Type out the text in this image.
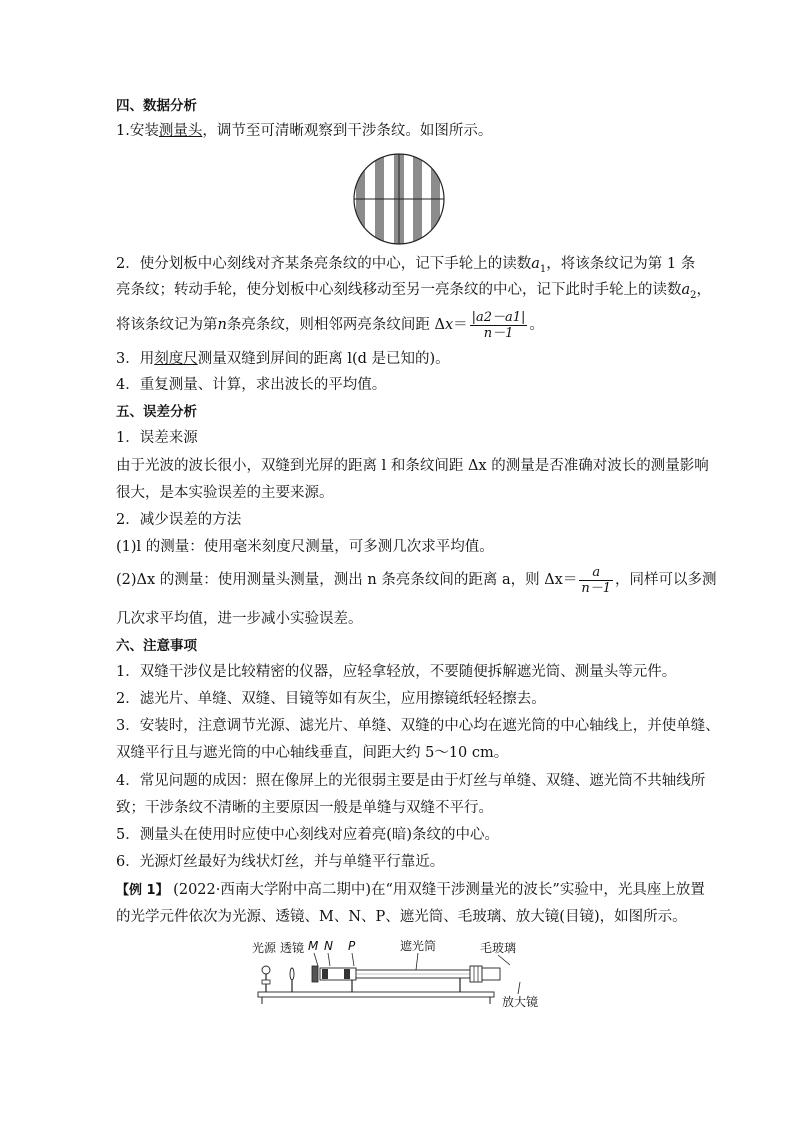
四、数据分析
1.安装测量头，调节至可清晰观察到干涉条纹。如图所示。
2．使分划板中心刻线对齐某条亮条纹的中心，记下手轮上的读数$a_1$，将该条纹记为第 1 条
亮条纹；转动手轮，使分划板中心刻线移动至另一亮条纹的中心，记下此时手轮上的读数$a_2$，
将该条纹记为第n条亮条纹，则相邻两亮条纹间距 $\Delta x= \frac{|a2-a1|}{n-1}$ 。
3．用刻度尺测量双缝到屏间的距离 l(d 是已知的)。
4．重复测量、计算，求出波长的平均值。
五、误差分析
1．误差来源
由于光波的波长很小，双缝到光屏的距离 l 和条纹间距 Δx 的测量是否准确对波长的测量影响
很大，是本实验误差的主要来源。
2．减少误差的方法
(1)l 的测量：使用毫米刻度尺测量，可多测几次求平均值。
(2)Δx 的测量：使用测量头测量，测出 n 条亮条纹间的距离 a，则 $\Delta x= \frac{a}{n-1}$ ，同样可以多测
几次求平均值，进一步减小实验误差。
六、注意事项
1．双缝干涉仪是比较精密的仪器，应轻拿轻放，不要随便拆解遮光筒、测量头等元件。
2．滤光片、单缝、双缝、目镜等如有灰尘，应用擦镜纸轻轻擦去。
3．安装时，注意调节光源、滤光片、单缝、双缝的中心均在遮光筒的中心轴线上，并使单缝、
双缝平行且与遮光筒的中心轴线垂直，间距大约 5～10 cm。
4．常见问题的成因：照在像屏上的光很弱主要是由于灯丝与单缝、双缝、遮光筒不共轴线所
致；干涉条纹不清晰的主要原因一般是单缝与双缝不平行。
5．测量头在使用时应使中心刻线对应着亮(暗)条纹的中心。
6．光源灯丝最好为线状灯丝，并与单缝平行靠近。
【例 1】 (2022·西南大学附中高二期中)在“用双缝干涉测量光的波长”实验中，光具座上放置
的光学元件依次为光源、透镜、M、N、P、遮光筒、毛玻璃、放大镜(目镜)，如图所示。
光源 透镜 M N P	遮光筒	毛玻璃
放大镜
